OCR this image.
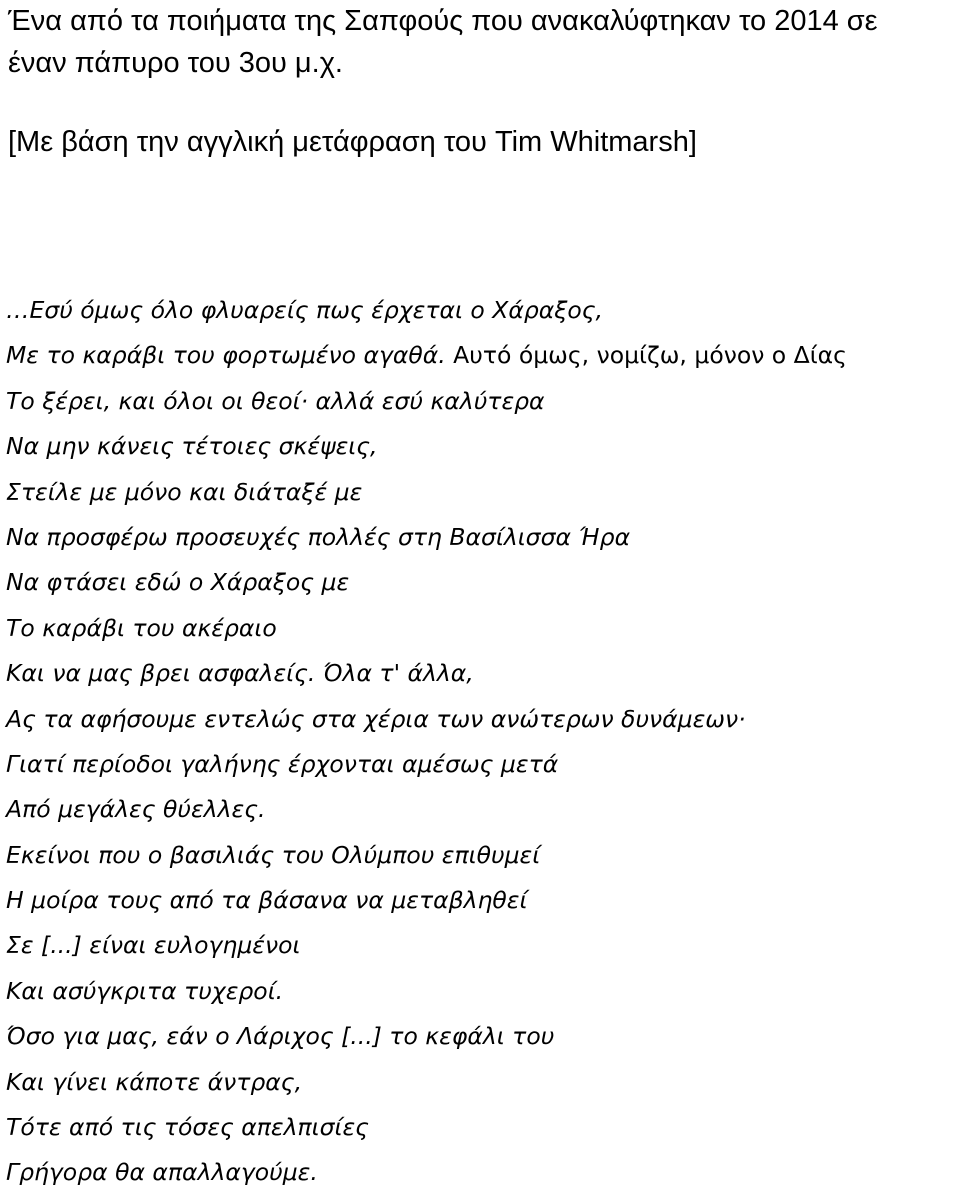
Ένα από τα ποιήματα της Σαπφούς που ανακαλύφτηκαν το 2014 σε
έναν πάπυρο του 3ου μ.χ.
[Με βάση την αγγλική μετάφραση του Tim Whitmarsh]
…Εσύ όμως όλο φλυαρείς πως έρχεται ο Χάραξος,
Με το καράβι του φορτωμένο αγαθά. Αυτό όμως, νομίζω, μόνον ο Δίας
Το ξέρει, και όλοι οι θεοί· αλλά εσύ καλύτερα
Να μην κάνεις τέτοιες σκέψεις,
Στείλε με μόνο και διάταξέ με
Να προσφέρω προσευχές πολλές στη Βασίλισσα Ήρα
Να φτάσει εδώ ο Χάραξος με
Το καράβι του ακέραιο
Και να μας βρει ασφαλείς. Όλα τ' άλλα,
Ας τα αφήσουμε εντελώς στα χέρια των ανώτερων δυνάμεων·
Γιατί περίοδοι γαλήνης έρχονται αμέσως μετά
Από μεγάλες θύελλες.
Εκείνοι που ο βασιλιάς του Ολύμπου επιθυμεί
Η μοίρα τους από τα βάσανα να μεταβληθεί
Σε [...] είναι ευλογημένοι
Και ασύγκριτα τυχεροί.
Όσο για μας, εάν ο Λάριχος [...] το κεφάλι του
Και γίνει κάποτε άντρας,
Τότε από τις τόσες απελπισίες
Γρήγορα θα απαλλαγούμε.
